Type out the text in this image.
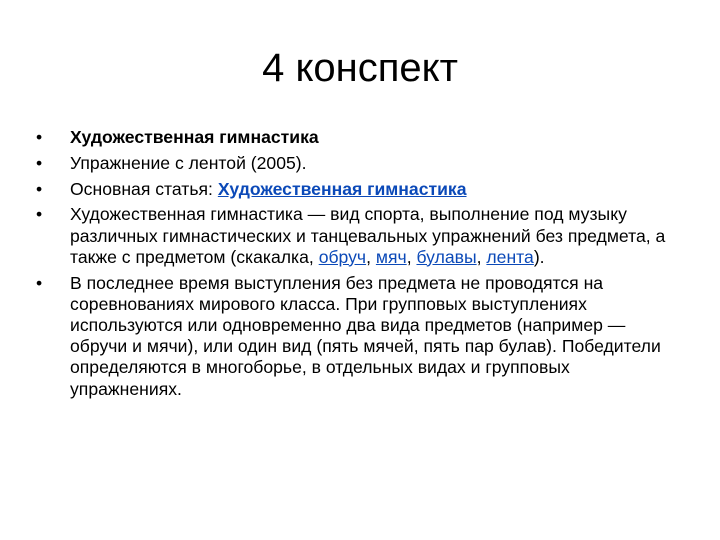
4 конспект
•	Художественная гимнастика
•	Упражнение с лентой (2005).
•	Основная статья: Художественная гимнастика
•	Художественная гимнастика — вид спорта, выполнение под музыку различных гимнастических и танцевальных упражнений без предмета, а также с предметом (скакалка, обруч, мяч, булавы, лента).
•	В последнее время выступления без предмета не проводятся на соревнованиях мирового класса. При групповых выступлениях используются или одновременно два вида предметов (например — обручи и мячи), или один вид (пять мячей, пять пар булав). Победители определяются в многоборье, в отдельных видах и групповых упражнениях.
